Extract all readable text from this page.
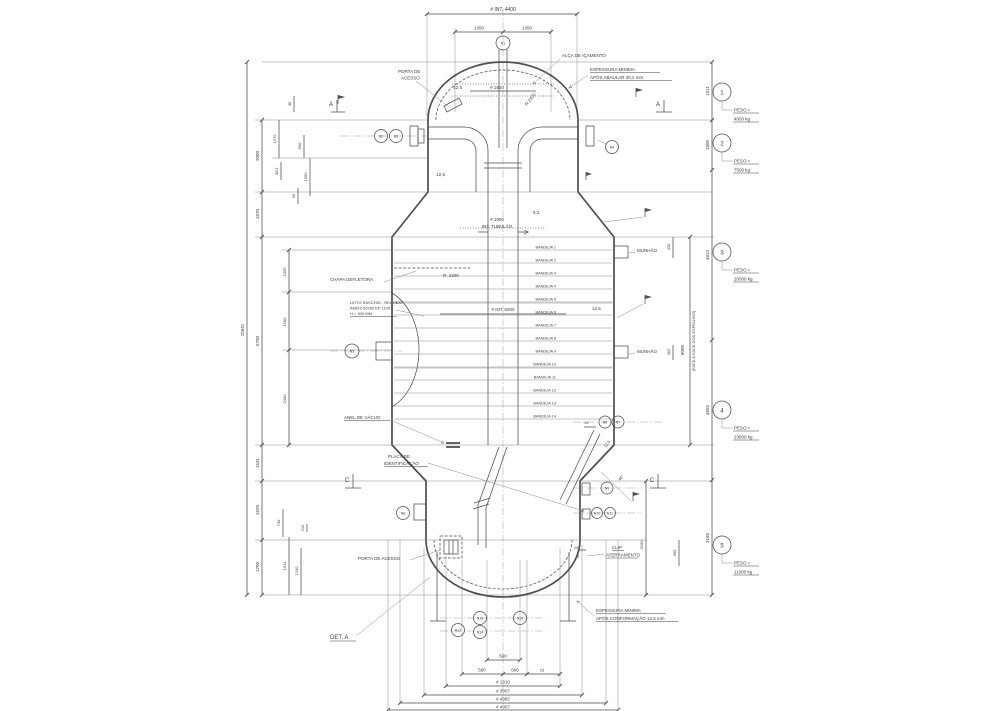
BANDEJA 1
BANDEJA 2
BANDEJA 3
BANDEJA 4
BANDEJA 5
BANDEJA 6
BANDEJA 7
BANDEJA 8
BANDEJA 9
BANDEJA 10
BANDEJA 11
BANDEJA 12
BANDEJA 13
BANDEJA 14
# INT. 4400
1350	1350
# 1910
12,5
12,5
12,5
6,3
12,5
19
45°
25
15641
2000
1570
5700
1531
1629
1700
40
1270
600
38,1
1000
35
1000
1500
2440
730
215
1511
1200
1511
1500
4813
4655
3160
8000 (FACE A FACE DOS ESPELHOS)
430
450
2160
300
500
590	600	15
# 1910
# 3907
# 4382
# 4907
PORTA DE
ACESSO
ALÇA DE IÇAMENTO
ESPESSURA MÍNIMA
APÓS ABAULAR 20,2 mm
R 2300
# 1900
INT. TUBULÃO
R. 2200
# INT. 6200
CHAPA DEFLETORA
LEITO RASCHIG - RECHEIO
ANÉIS 50x50 EP 1100
H = 300 MM
ANEL DE VÁCUO
PLACA DE
IDENTIFICAÇÃO
PORTA DE ACESSO
CLIP
ATERRAMENTO
ESPESSURA MÍNIMA
APÓS CONFORMAÇÃO 12,5 mm
DET. A
MUNHÃO
MUNHÃO
1
PESO ≈
4000 kg
2
PESO ≈
7500 kg
3
PESO ≈
20000 kg
4
PESO ≈
23800 kg
5
PESO ≈
11000 kg
N1
N2	N3
N4
N5
N6 N7
N8
N9
N10 N11
N12
N13
N14
N15
A	A
C	C
